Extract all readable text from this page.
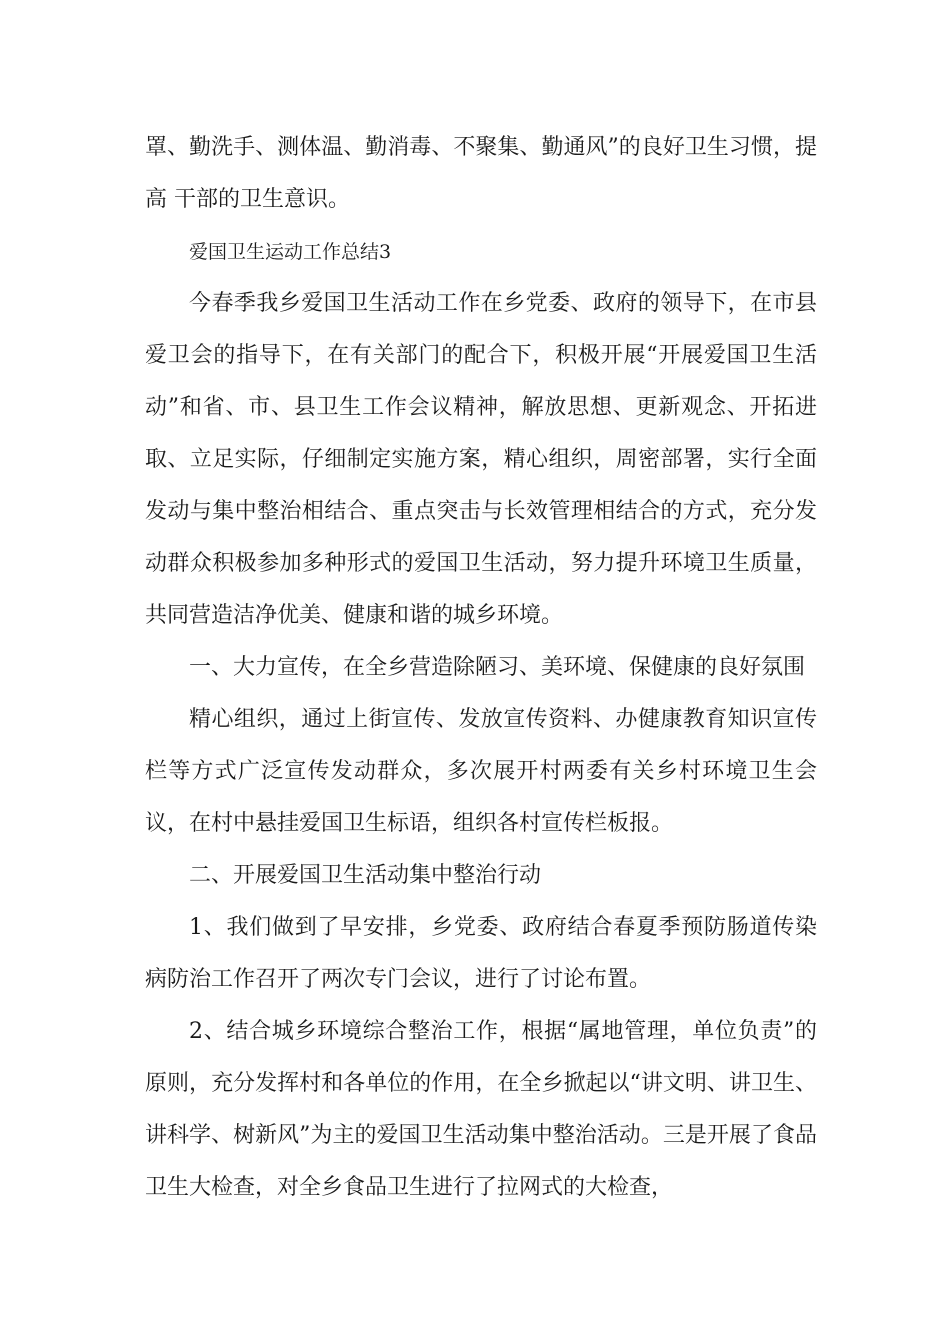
罩、勤洗手、测体温、勤消毒、不聚集、勤通风”的良好卫生习惯，提高 干部的卫生意识。

爱国卫生运动工作总结3

今春季我乡爱国卫生活动工作在乡党委、政府的领导下，在市县爱卫会的指导下，在有关部门的配合下，积极开展“开展爱国卫生活动”和省、市、县卫生工作会议精神，解放思想、更新观念、开拓进取、立足实际，仔细制定实施方案，精心组织，周密部署，实行全面发动与集中整治相结合、重点突击与长效管理相结合的方式，充分发动群众积极参加多种形式的爱国卫生活动，努力提升环境卫生质量，共同营造洁净优美、健康和谐的城乡环境。

一、大力宣传，在全乡营造除陋习、美环境、保健康的良好氛围

精心组织，通过上街宣传、发放宣传资料、办健康教育知识宣传栏等方式广泛宣传发动群众，多次展开村两委有关乡村环境卫生会议，在村中悬挂爱国卫生标语，组织各村宣传栏板报。

二、开展爱国卫生活动集中整治行动

1、我们做到了早安排，乡党委、政府结合春夏季预防肠道传染病防治工作召开了两次专门会议，进行了讨论布置。

2、结合城乡环境综合整治工作，根据“属地管理，单位负责”的原则，充分发挥村和各单位的作用，在全乡掀起以“讲文明、讲卫生、讲科学、树新风”为主的爱国卫生活动集中整治活动。三是开展了食品卫生大检查，对全乡食品卫生进行了拉网式的大检查，
